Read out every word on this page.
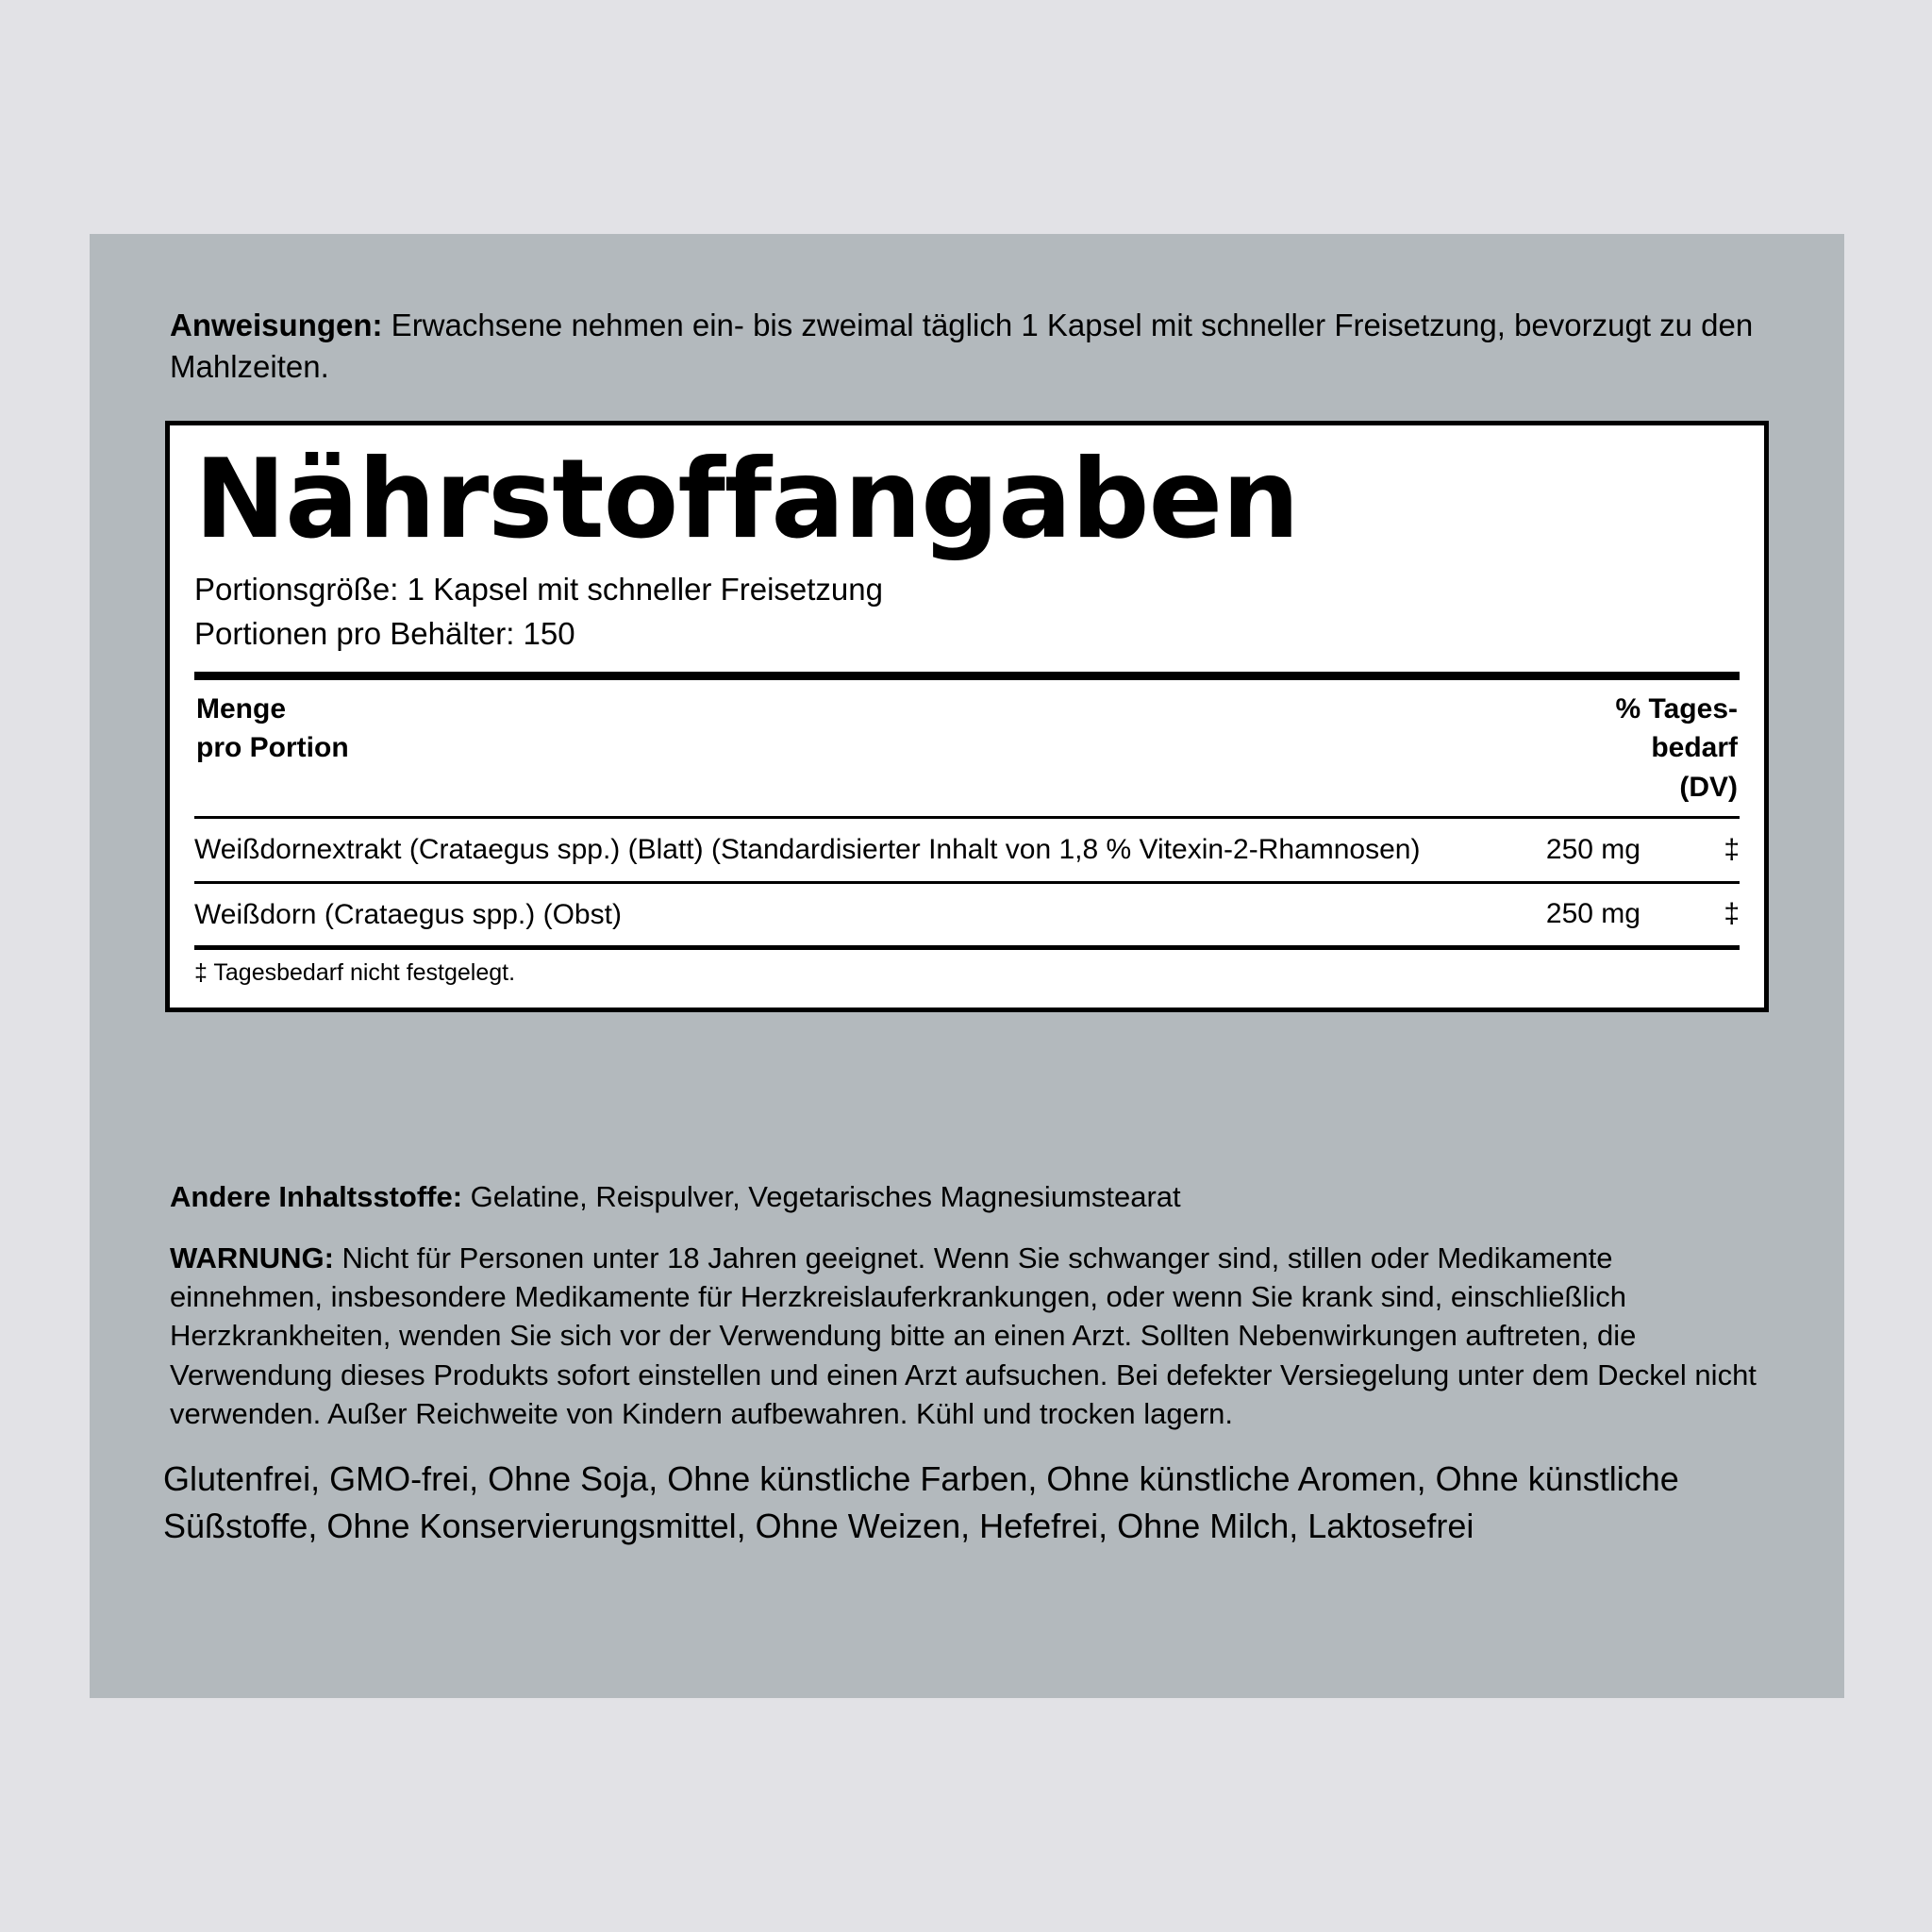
Anweisungen: Erwachsene nehmen ein- bis zweimal täglich 1 Kapsel mit schneller Freisetzung, bevorzugt zu den Mahlzeiten.
Nährstoffangaben
Portionsgröße: 1 Kapsel mit schneller Freisetzung
Portionen pro Behälter: 150
Menge
pro Portion
% Tages-
bedarf
(DV)
Weißdornextrakt (Crataegus spp.) (Blatt) (Standardisierter Inhalt von 1,8 % Vitexin-2-Rhamnosen)	250 mg	‡
Weißdorn (Crataegus spp.) (Obst)	250 mg	‡
‡ Tagesbedarf nicht festgelegt.
Andere Inhaltsstoffe: Gelatine, Reispulver, Vegetarisches Magnesiumstearat
WARNUNG: Nicht für Personen unter 18 Jahren geeignet. Wenn Sie schwanger sind, stillen oder Medikamente einnehmen, insbesondere Medikamente für Herzkreislauferkrankungen, oder wenn Sie krank sind, einschließlich Herzkrankheiten, wenden Sie sich vor der Verwendung bitte an einen Arzt. Sollten Nebenwirkungen auftreten, die Verwendung dieses Produkts sofort einstellen und einen Arzt aufsuchen. Bei defekter Versiegelung unter dem Deckel nicht verwenden. Außer Reichweite von Kindern aufbewahren. Kühl und trocken lagern.
Glutenfrei, GMO-frei, Ohne Soja, Ohne künstliche Farben, Ohne künstliche Aromen, Ohne künstliche Süßstoffe, Ohne Konservierungsmittel, Ohne Weizen, Hefefrei, Ohne Milch, Laktosefrei
